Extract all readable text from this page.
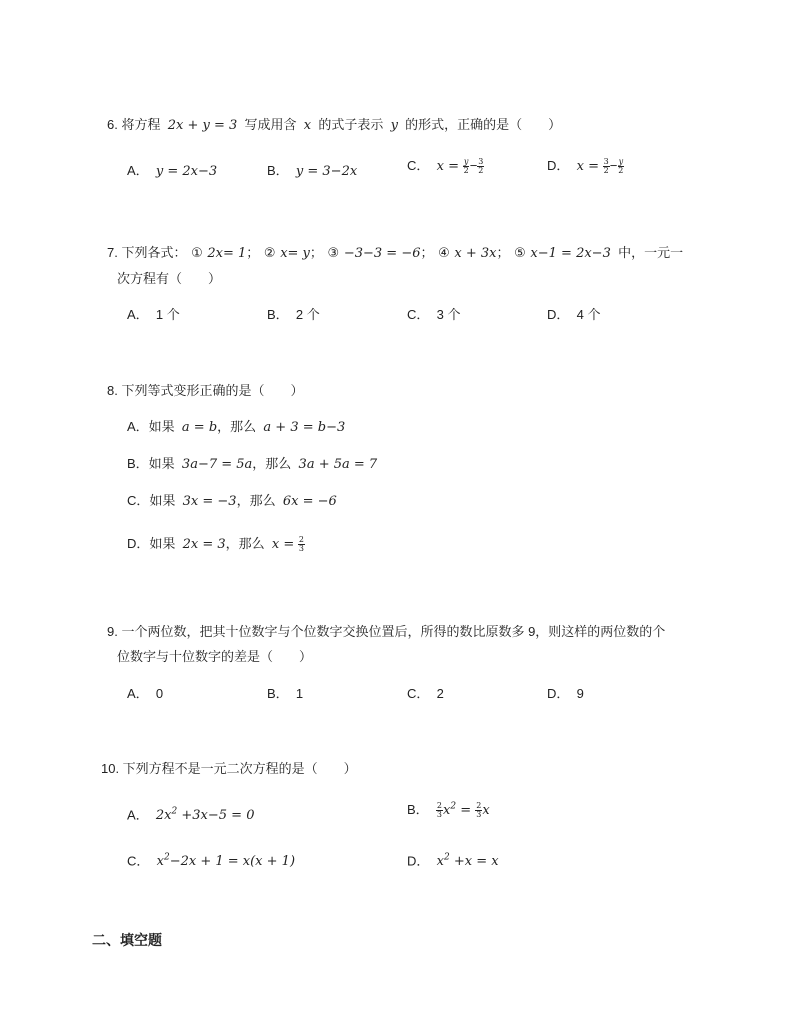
6. 将方程 2x + y = 3 写成用含 x 的式子表示 y 的形式，正确的是（　　）
A． y = 2x−3	B． y = 3−2x	C． $x = \frac{y}{2} - \frac{3}{2}$	D． $x = \frac{3}{2} - \frac{y}{2}$
7. 下列各式： ① 2x= 1； ② x= y； ③ −3−3 = −6； ④ x + 3x； ⑤ x−1 = 2x−3 中，一元一
次方程有（　　）
A． 1 个	B． 2 个	C． 3 个	D． 4 个
8. 下列等式变形正确的是（　　）
A．如果 a = b，那么 a + 3 = b−3
B．如果 3a−7 = 5a，那么 3a + 5a = 7
C．如果 3x = −3，那么 6x = −6
D．如果 2x = 3，那么 $x = \frac{2}{3}$
9. 一个两位数，把其十位数字与个位数字交换位置后，所得的数比原数多 9，则这样的两位数的个
位数字与十位数字的差是（　　）
A． 0	B． 1	C． 2	D． 9
10. 下列方程不是一元二次方程的是（　　）
A． $2x^2 +3x-5 = 0$	B． $\frac{2}{3} x^2 = \frac{2}{3}$ x
C． $x^2-2x + 1 = x(x + 1)$	D． $x^2 +x = x$
二、填空题
